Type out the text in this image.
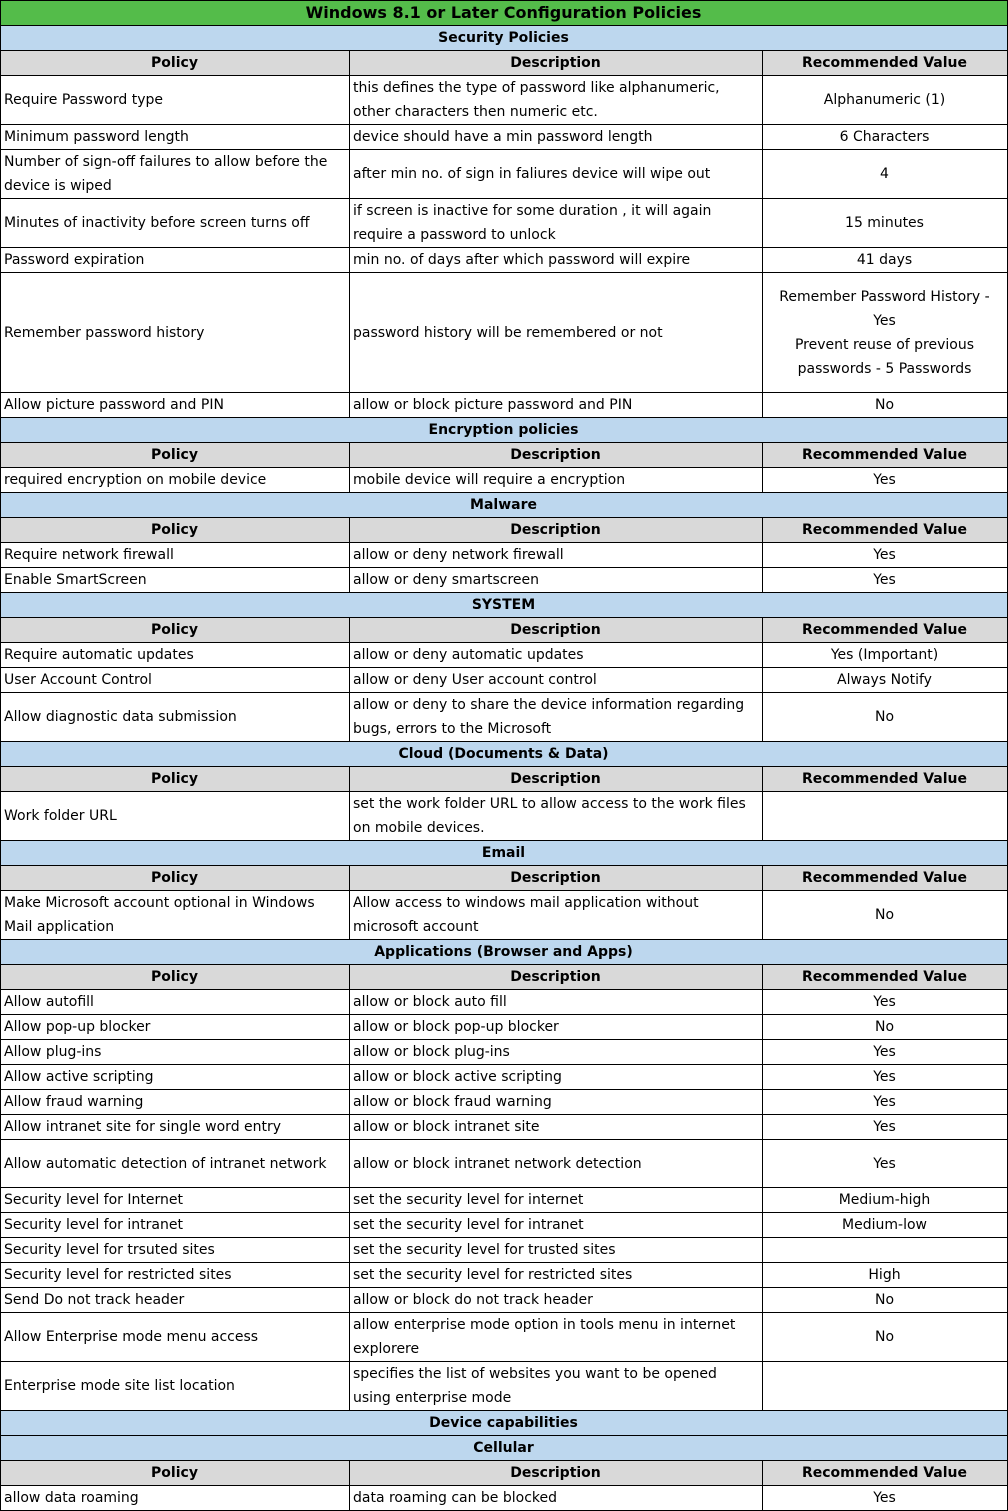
Windows 8.1 or Later Configuration Policies		
Security Policies		
Policy	Description	Recommended Value
Require Password type	this defines the type of password like alphanumeric, other characters then numeric etc.	Alphanumeric (1)
Minimum password length	device should have a min password length	6 Characters
Number of sign-off failures to allow before the device is wiped	after min no. of sign in faliures device will wipe out	4
Minutes of inactivity before screen turns off	if screen is inactive for some duration , it will again require a password to unlock	15 minutes
Password expiration	min no. of days after which password will expire	41 days
Remember password history	password history will be remembered or not	Remember Password History - Yes
Prevent reuse of previous passwords - 5 Passwords

Allow picture password and PIN	allow or block picture password and PIN	No
Encryption policies		
Policy	Description	Recommended Value
required encryption on mobile device	mobile device will require a encryption	Yes
Malware		
Policy	Description	Recommended Value
Require network firewall	allow or deny network firewall	Yes
Enable SmartScreen	allow or deny smartscreen	Yes
SYSTEM		
Policy	Description	Recommended Value
Require automatic updates	allow or deny automatic updates	Yes (Important)
User Account Control	allow or deny User account control	Always Notify
Allow diagnostic data submission	allow or deny to share the device information regarding bugs, errors to the Microsoft	No
Cloud (Documents & Data)		
Policy	Description	Recommended Value
Work folder URL	set the work folder URL to allow access to the work files on mobile devices.	
Email		
Policy	Description	Recommended Value
Make Microsoft account optional in Windows Mail application	Allow access to windows mail application without microsoft account	No
Applications (Browser and Apps)		
Policy	Description	Recommended Value
Allow autofill	allow or block auto fill	Yes
Allow pop-up blocker	allow or block pop-up blocker	No
Allow plug-ins	allow or block plug-ins	Yes
Allow active scripting	allow or block active scripting	Yes
Allow fraud warning	allow or block fraud warning	Yes
Allow intranet site for single word entry	allow or block intranet site	Yes
Allow automatic detection of intranet network	allow or block intranet network detection	Yes
Security level for Internet	set the security level for internet	Medium-high
Security level for intranet	set the security level for intranet	Medium-low
Security level for trsuted sites	set the security level for trusted sites	
Security level for restricted sites	set the security level for restricted sites	High
Send Do not track header	allow or block do not track header	No
Allow Enterprise mode menu access	allow enterprise mode option in tools menu in internet explorere	No
Enterprise mode site list location	specifies the list of websites you want to be opened using enterprise mode	
Device capabilities		
Cellular		
Policy	Description	Recommended Value
allow data roaming	data roaming can be blocked	Yes
